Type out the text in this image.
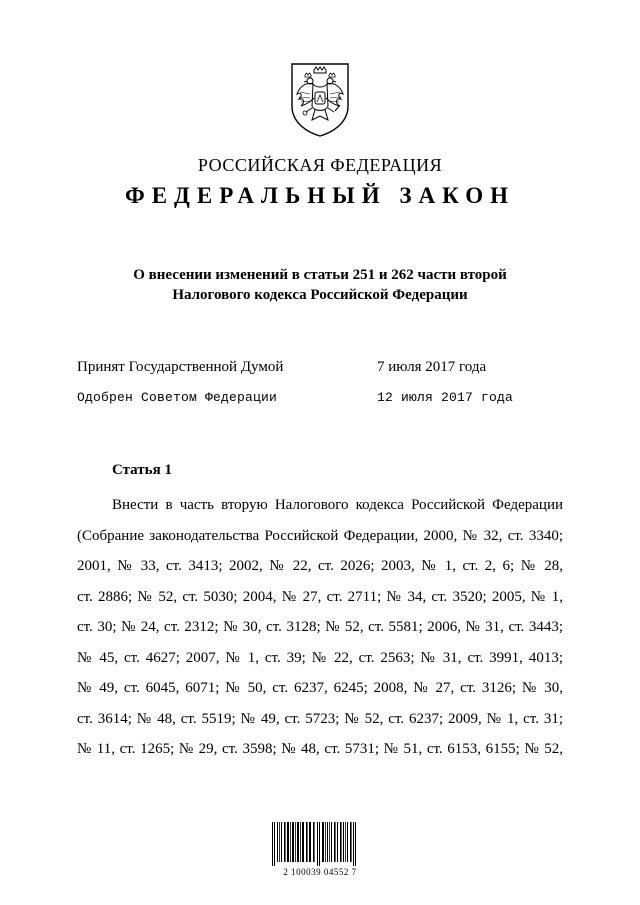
РОССИЙСКАЯ ФЕДЕРАЦИЯ
ФЕДЕРАЛЬНЫЙ ЗАКОН
О внесении изменений в статьи 251 и 262 части второй
Налогового кодекса Российской Федерации
Принят Государственной Думой	7 июля 2017 года
Одобрен Советом Федерации	12 июля 2017 года
Статья 1
Внести в часть вторую Налогового кодекса Российской Федерации
(Собрание законодательства Российской Федерации, 2000, № 32, ст. 3340;
2001, № 33, ст. 3413; 2002, № 22, ст. 2026; 2003, № 1, ст. 2, 6; № 28,
ст. 2886; № 52, ст. 5030; 2004, № 27, ст. 2711; № 34, ст. 3520; 2005, № 1,
ст. 30; № 24, ст. 2312; № 30, ст. 3128; № 52, ст. 5581; 2006, № 31, ст. 3443;
№ 45, ст. 4627; 2007, № 1, ст. 39; № 22, ст. 2563; № 31, ст. 3991, 4013;
№ 49, ст. 6045, 6071; № 50, ст. 6237, 6245; 2008, № 27, ст. 3126; № 30,
ст. 3614; № 48, ст. 5519; № 49, ст. 5723; № 52, ст. 6237; 2009, № 1, ст. 31;
№ 11, ст. 1265; № 29, ст. 3598; № 48, ст. 5731; № 51, ст. 6153, 6155; № 52,
2 100039 04552 7
